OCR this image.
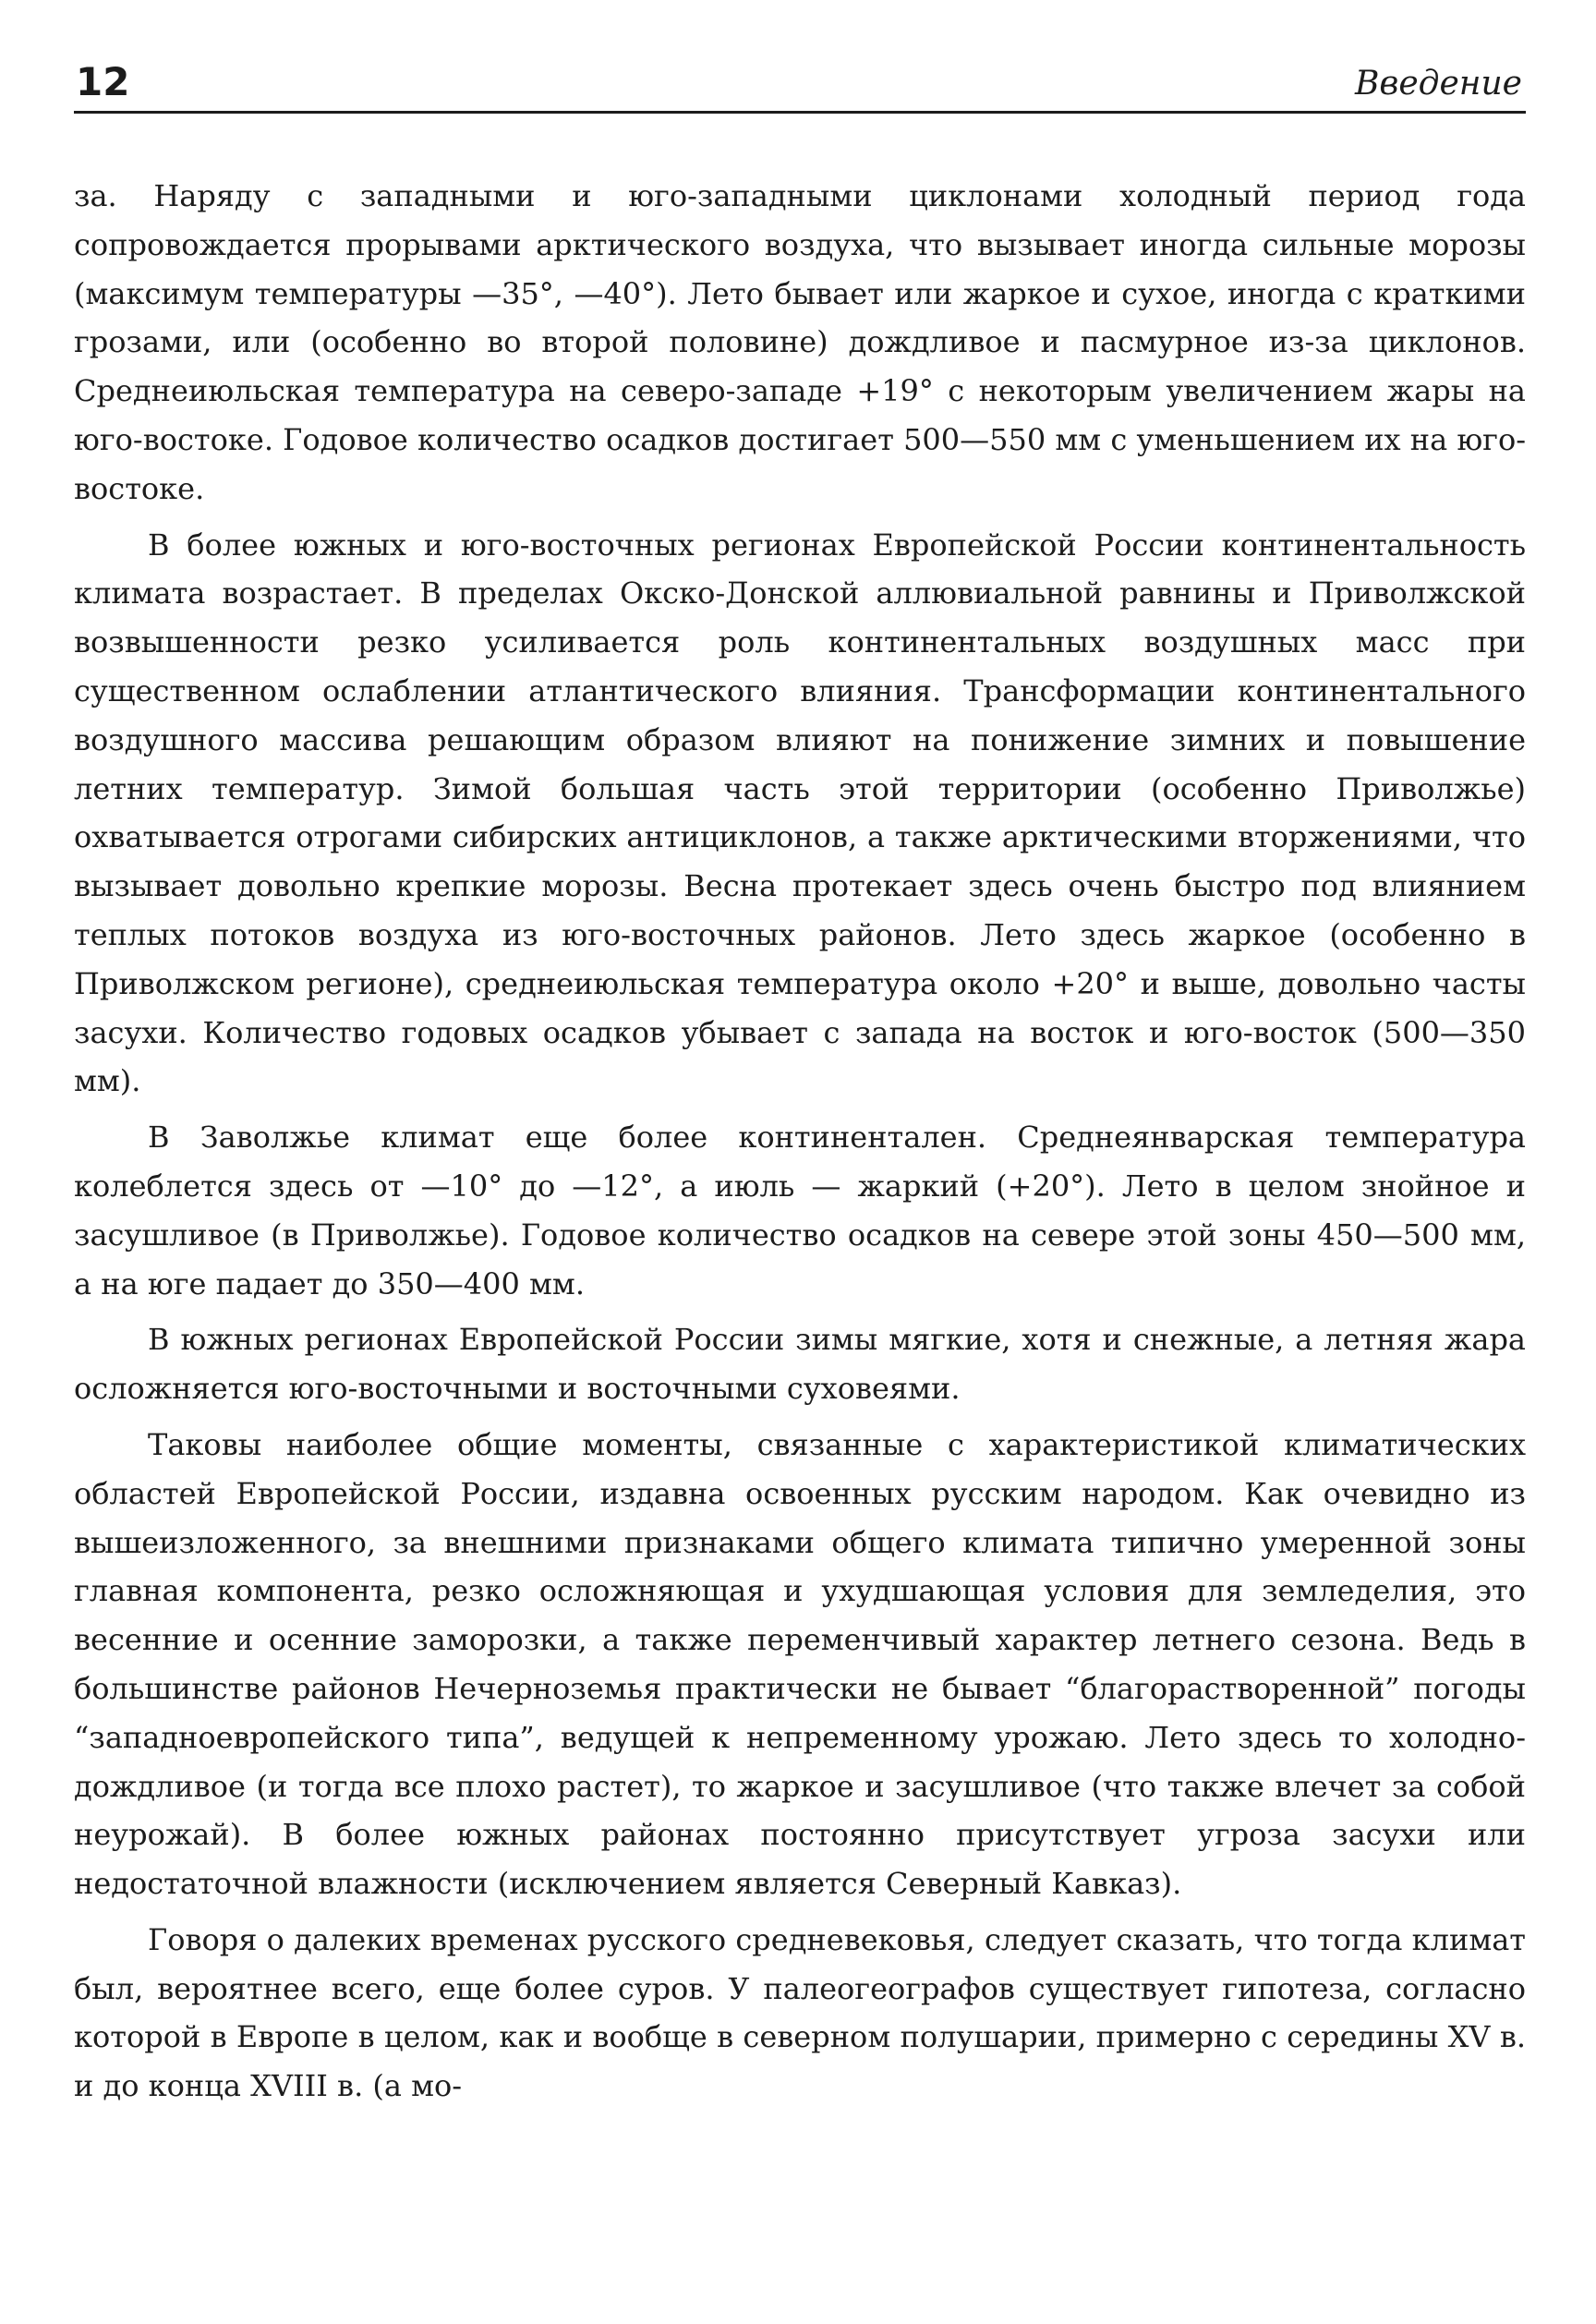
12	Введение

за. Наряду с западными и юго-западными циклонами холодный период года сопровождается прорывами арктического воздуха, что вызывает иногда сильные морозы (максимум температуры —35°, —40°). Лето бывает или жаркое и сухое, иногда с краткими грозами, или (особенно во второй половине) дождливое и пасмурное из-за циклонов. Среднеиюльская температура на северо-западе +19° с некоторым увеличением жары на юго-востоке. Годовое количество осадков достигает 500—550 мм с уменьшением их на юго-востоке.

В более южных и юго-восточных регионах Европейской России континентальность климата возрастает. В пределах Окско-Донской аллювиальной равнины и Приволжской возвышенности резко усиливается роль континентальных воздушных масс при существенном ослаблении атлантического влияния. Трансформации континентального воздушного массива решающим образом влияют на понижение зимних и повышение летних температур. Зимой большая часть этой территории (особенно Приволжье) охватывается отрогами сибирских антициклонов, а также арктическими вторжениями, что вызывает довольно крепкие морозы. Весна протекает здесь очень быстро под влиянием теплых потоков воздуха из юго-восточных районов. Лето здесь жаркое (особенно в Приволжском регионе), среднеиюльская температура около +20° и выше, довольно часты засухи. Количество годовых осадков убывает с запада на восток и юго-восток (500—350 мм).

В Заволжье климат еще более континентален. Среднеянварская температура колеблется здесь от —10° до —12°, а июль — жаркий (+20°). Лето в целом знойное и засушливое (в Приволжье). Годовое количество осадков на севере этой зоны 450—500 мм, а на юге падает до 350—400 мм.

В южных регионах Европейской России зимы мягкие, хотя и снежные, а летняя жара осложняется юго-восточными и восточными суховеями.

Таковы наиболее общие моменты, связанные с характеристикой климатических областей Европейской России, издавна освоенных русским народом. Как очевидно из вышеизложенного, за внешними признаками общего климата типично умеренной зоны главная компонента, резко осложняющая и ухудшающая условия для земледелия, это весенние и осенние заморозки, а также переменчивый характер летнего сезона. Ведь в большинстве районов Нечерноземья практически не бывает “благорастворенной” погоды “западноевропейского типа”, ведущей к непременному урожаю. Лето здесь то холодно-дождливое (и тогда все плохо растет), то жаркое и засушливое (что также влечет за собой неурожай). В более южных районах постоянно присутствует угроза засухи или недостаточной влажности (исключением является Северный Кавказ).

Говоря о далеких временах русского средневековья, следует сказать, что тогда климат был, вероятнее всего, еще более суров. У палеогеографов существует гипотеза, согласно которой в Европе в целом, как и вообще в северном полушарии, примерно с середины XV в. и до конца XVIII в. (а мо-
